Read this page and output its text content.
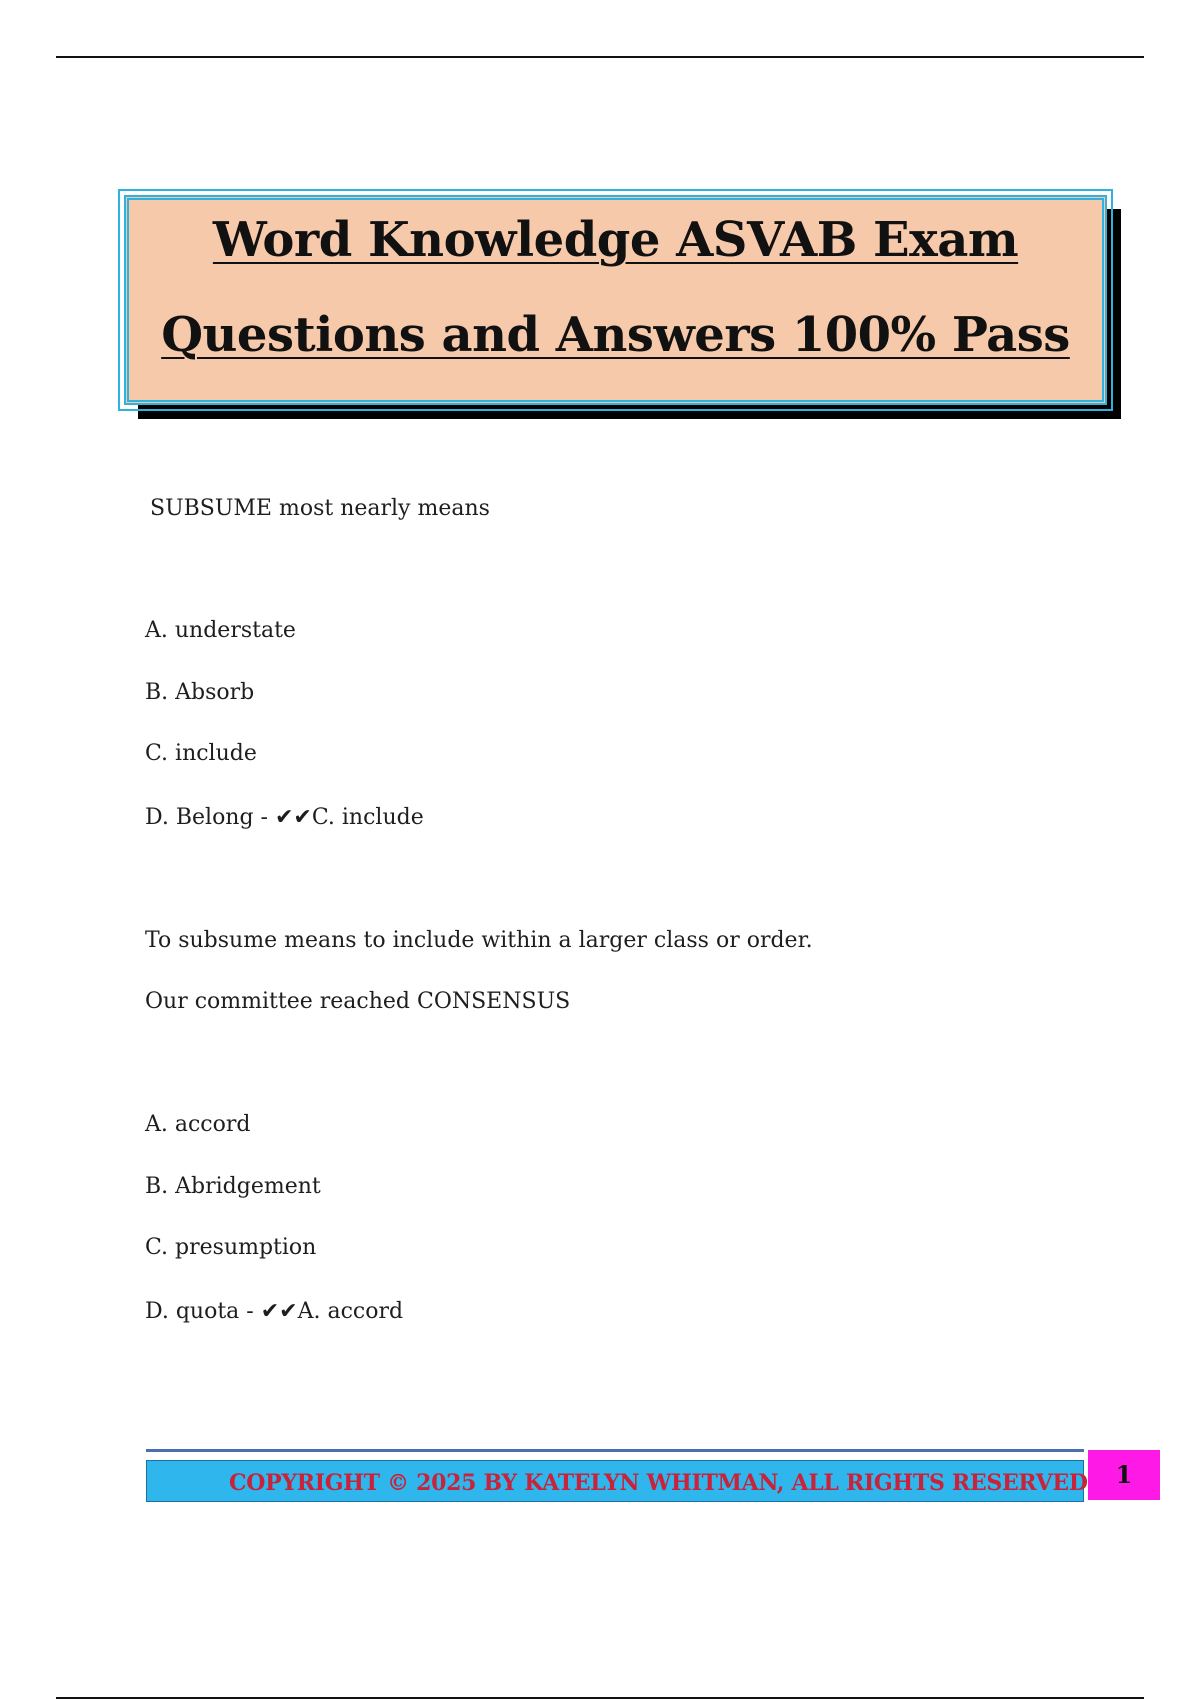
Word Knowledge ASVAB Exam
Questions and Answers 100% Pass
SUBSUME most nearly means
A. understate
B. Absorb
C. include
D. Belong - ✔✔C. include
To subsume means to include within a larger class or order.
Our committee reached CONSENSUS
A. accord
B. Abridgement
C. presumption
D. quota - ✔✔A. accord
COPYRIGHT © 2025 BY KATELYN WHITMAN, ALL RIGHTS RESERVED	1
